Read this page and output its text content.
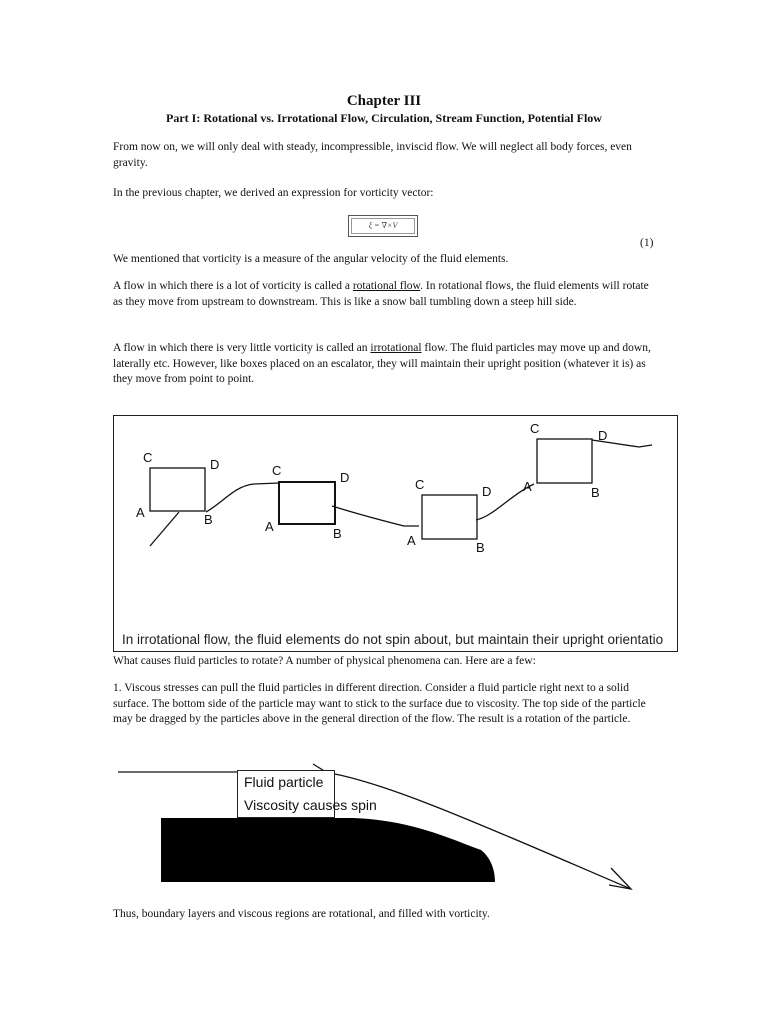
Chapter III
Part I: Rotational vs. Irrotational Flow, Circulation, Stream Function, Potential Flow
From now on, we will only deal with steady, incompressible, inviscid flow. We will neglect all body forces, even gravity.
In the previous chapter, we derived an expression for vorticity vector:
ξ = ∇×V
(1)
We mentioned that vorticity is a measure of the angular velocity of the fluid elements.
A flow in which there is a lot of vorticity is called a rotational flow. In rotational flows, the fluid elements will rotate as they move from upstream to downstream. This is like a snow ball tumbling down a steep hill side.
A flow in which there is very little vorticity is called an irrotational flow. The fluid particles may move up and down, laterally etc. However, like boxes placed on an escalator, they will maintain their upright position (whatever it is) as they move from point to point.
C	D
A	B
C	D
A	B
C	D
A	B
C	D
A	B
In irrotational flow, the fluid elements do not spin about, but maintain their upright orientatio
What causes fluid particles to rotate? A number of physical phenomena can. Here are a few:
1. Viscous stresses can pull the fluid particles in different direction. Consider a fluid particle right next to a solid surface. The bottom side of the particle may want to stick to the surface due to viscosity. The top side of the particle may be dragged by the particles above in the general direction of the flow. The result is a rotation of the particle.
Fluid particle
Viscosity causes spin
Thus, boundary layers and viscous regions are rotational, and filled with vorticity.
